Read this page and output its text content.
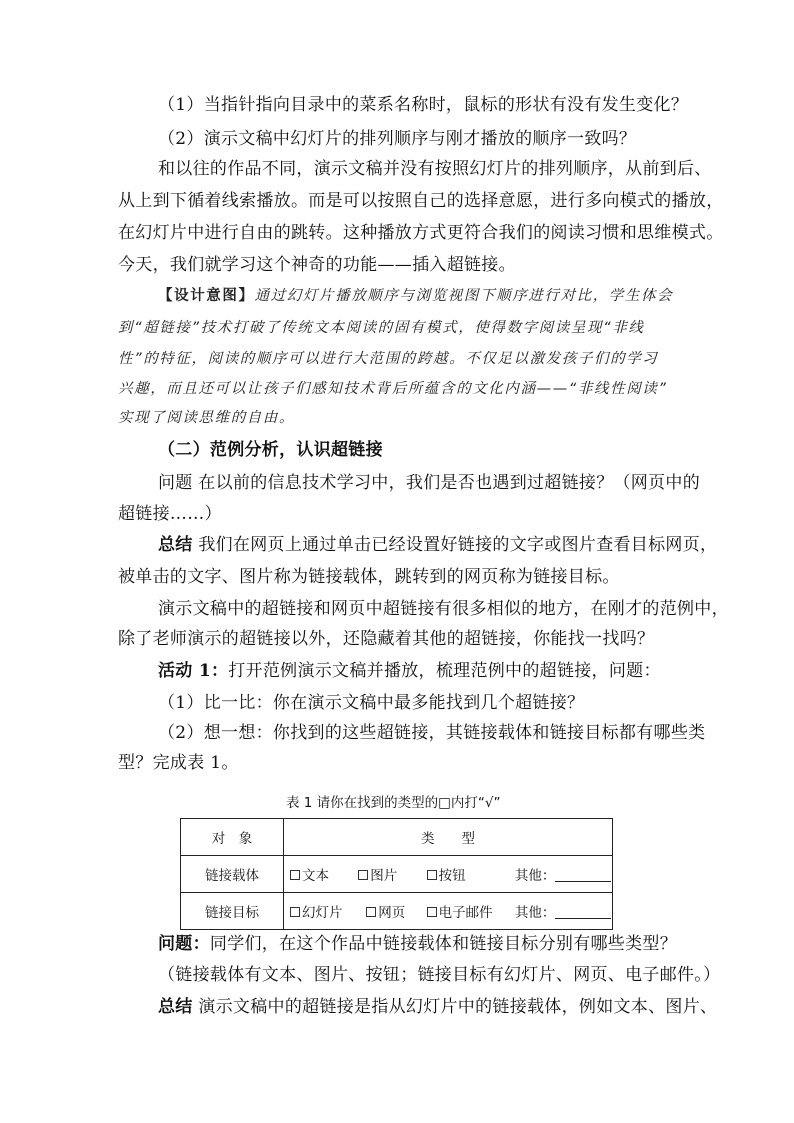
（1）当指针指向目录中的菜系名称时，鼠标的形状有没有发生变化？
（2）演示文稿中幻灯片的排列顺序与刚才播放的顺序一致吗？
和以往的作品不同，演示文稿并没有按照幻灯片的排列顺序，从前到后、
从上到下循着线索播放。而是可以按照自己的选择意愿，进行多向模式的播放，
在幻灯片中进行自由的跳转。这种播放方式更符合我们的阅读习惯和思维模式。
今天，我们就学习这个神奇的功能——插入超链接。
【设计意图】通过幻灯片播放顺序与浏览视图下顺序进行对比，学生体会
到“超链接”技术打破了传统文本阅读的固有模式，使得数字阅读呈现“非线
性”的特征，阅读的顺序可以进行大范围的跨越。不仅足以激发孩子们的学习
兴趣，而且还可以让孩子们感知技术背后所蕴含的文化内涵——“非线性阅读”
实现了阅读思维的自由。
（二）范例分析，认识超链接
问题 在以前的信息技术学习中，我们是否也遇到过超链接？（网页中的
超链接……）
总结 我们在网页上通过单击已经设置好链接的文字或图片查看目标网页，
被单击的文字、图片称为链接载体，跳转到的网页称为链接目标。
演示文稿中的超链接和网页中超链接有很多相似的地方，在刚才的范例中，
除了老师演示的超链接以外，还隐藏着其他的超链接，你能找一找吗？
活动 1：打开范例演示文稿并播放，梳理范例中的超链接，问题：
（1）比一比：你在演示文稿中最多能找到几个超链接？
（2）想一想：你找到的这些超链接，其链接载体和链接目标都有哪些类
型？完成表 1。
表 1 请你在找到的类型的□内打“√”
对　象	类　　型
链接载体	文本 图片 按钮 其他：
链接目标	幻灯片 网页 电子邮件 其他：
问题：同学们，在这个作品中链接载体和链接目标分别有哪些类型？
（链接载体有文本、图片、按钮；链接目标有幻灯片、网页、电子邮件。）
总结 演示文稿中的超链接是指从幻灯片中的链接载体，例如文本、图片、
